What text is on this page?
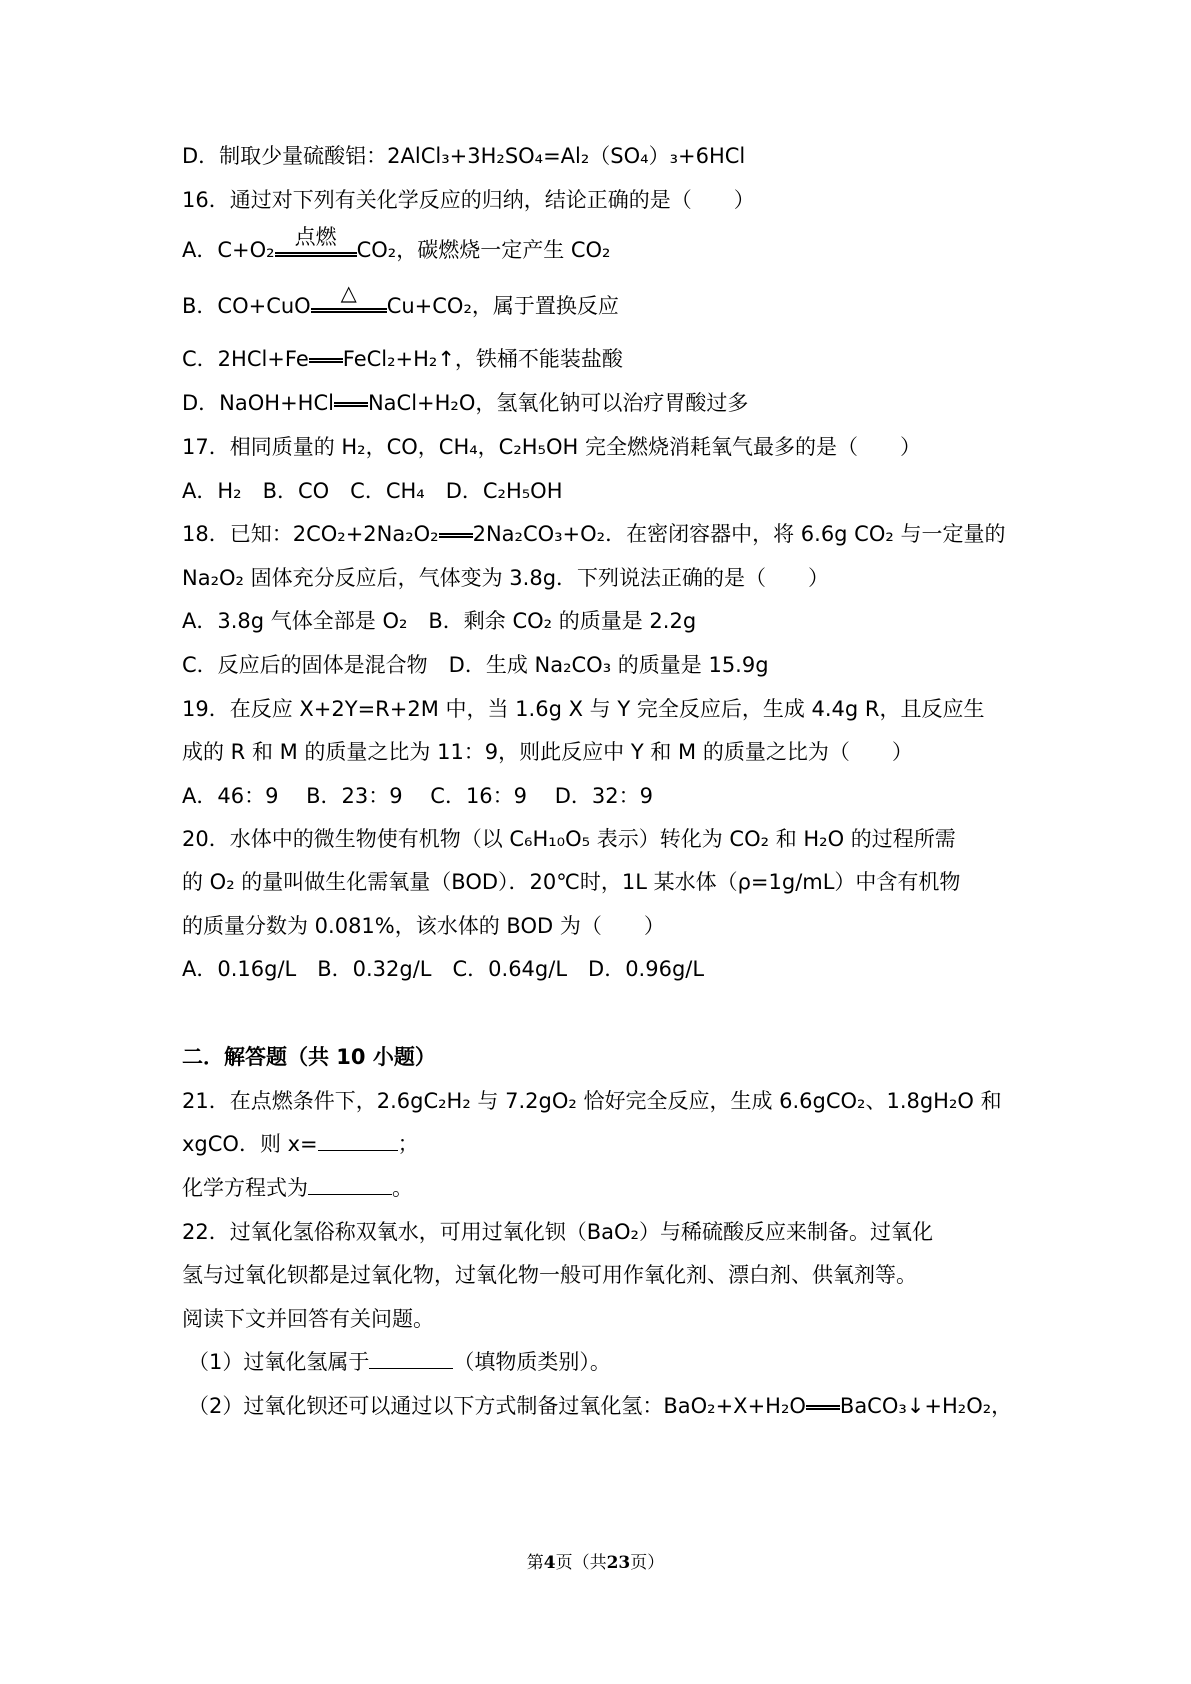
D．制取少量硫酸铝：2AlCl₃+3H₂SO₄=Al₂（SO₄）₃+6HCl
16．通过对下列有关化学反应的归纳，结论正确的是（　　）
A．C+O₂
点燃
CO₂，碳燃烧一定产生 CO₂
B．CO+CuO
△
Cu+CO₂，属于置换反应
C．2HCl+Fe FeCl₂+H₂↑，铁桶不能装盐酸
D．NaOH+HCl NaCl+H₂O，氢氧化钠可以治疗胃酸过多
17．相同质量的 H₂，CO，CH₄，C₂H₅OH 完全燃烧消耗氧气最多的是（　　）
A．H₂　B．CO　C．CH₄　D．C₂H₅OH
18．已知：2CO₂+2Na₂O₂ 2Na₂CO₃+O₂．在密闭容器中，将 6.6g CO₂ 与一定量的
Na₂O₂ 固体充分反应后，气体变为 3.8g．下列说法正确的是（　　）
A．3.8g 气体全部是 O₂　B．剩余 CO₂ 的质量是 2.2g
C．反应后的固体是混合物　D．生成 Na₂CO₃ 的质量是 15.9g
19．在反应 X+2Y=R+2M 中，当 1.6g X 与 Y 完全反应后，生成 4.4g R，且反应生
成的 R 和 M 的质量之比为 11：9，则此反应中 Y 和 M 的质量之比为（　　）
A．46：9　 B．23：9　 C．16：9　 D．32：9
20．水体中的微生物使有机物（以 C₆H₁₀O₅ 表示）转化为 CO₂ 和 H₂O 的过程所需
的 O₂ 的量叫做生化需氧量（BOD）．20℃时，1L 某水体（ρ=1g/mL）中含有机物
的质量分数为 0.081%，该水体的 BOD 为（　　）
A．0.16g/L　B．0.32g/L　C．0.64g/L　D．0.96g/L
二．解答题（共 10 小题）
21．在点燃条件下，2.6gC₂H₂ 与 7.2gO₂ 恰好完全反应，生成 6.6gCO₂、1.8gH₂O 和
xgCO．则 x=	；
化学方程式为	。
22．过氧化氢俗称双氧水，可用过氧化钡（BaO₂）与稀硫酸反应来制备。过氧化
氢与过氧化钡都是过氧化物，过氧化物一般可用作氧化剂、漂白剂、供氧剂等。
阅读下文并回答有关问题。
（1）过氧化氢属于	（填物质类别）。
（2）过氧化钡还可以通过以下方式制备过氧化氢：BaO₂+X+H₂O BaCO₃↓+H₂O₂，
第4页（共23页）
